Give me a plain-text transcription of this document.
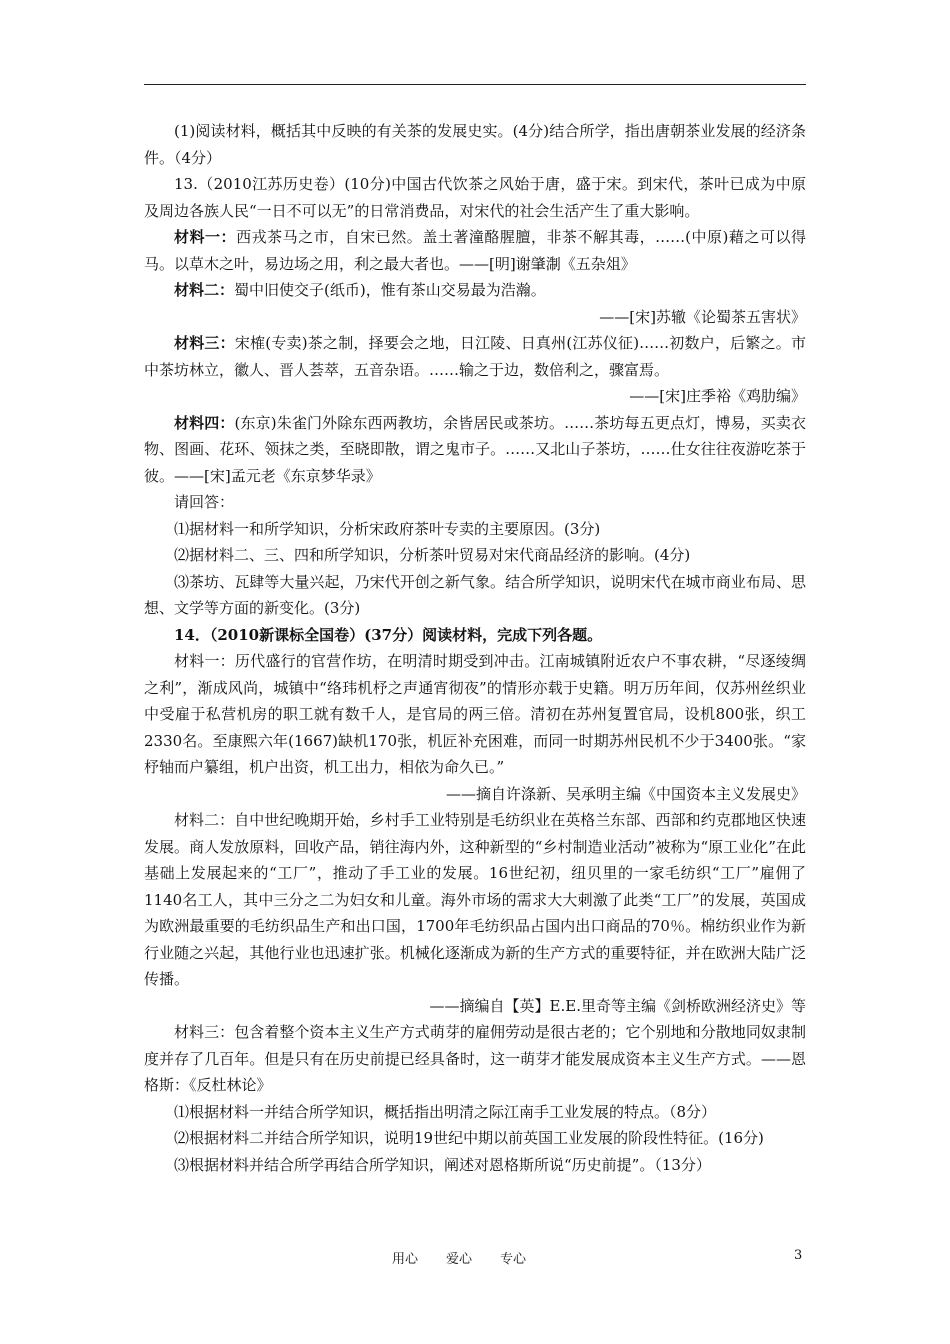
(1)阅读材料，概括其中反映的有关茶的发展史实。(4分)结合所学，指出唐朝茶业发展的经济条件。（4分）

13.（2010江苏历史卷）(10分)中国古代饮茶之风始于唐，盛于宋。到宋代，茶叶已成为中原及周边各族人民“一日不可以无”的日常消费品，对宋代的社会生活产生了重大影响。

材料一：西戎茶马之市，自宋已然。盖土著潼酪腥膻，非茶不解其毒，……(中原)藉之可以得马。以草木之叶，易边场之用，利之最大者也。——[明]谢肇淛《五杂俎》

材料二：蜀中旧使交子(纸币)，惟有茶山交易最为浩瀚。

——[宋]苏辙《论蜀茶五害状》

材料三：宋榷(专卖)茶之制，择要会之地，日江陵、日真州(江苏仪征)……初数户，后繁之。市中茶坊林立，徽人、晋人荟萃，五音杂语。……输之于边，数倍利之，骤富焉。

——[宋]庄季裕《鸡肋编》

材料四：(东京)朱雀门外除东西两教坊，余皆居民或茶坊。……茶坊每五更点灯，博易，买卖衣物、图画、花环、领抹之类，至晓即散，谓之鬼市子。……又北山子茶坊，……仕女往往夜游吃茶于彼。——[宋]孟元老《东京梦华录》

请回答：

⑴据材料一和所学知识，分析宋政府茶叶专卖的主要原因。(3分)

⑵据材料二、三、四和所学知识，分析茶叶贸易对宋代商品经济的影响。(4分)

⑶茶坊、瓦肆等大量兴起，乃宋代开创之新气象。结合所学知识，说明宋代在城市商业布局、思想、文学等方面的新变化。(3分)

14．（2010新课标全国卷）(37分）阅读材料，完成下列各题。

材料一：历代盛行的官营作坊，在明清时期受到冲击。江南城镇附近农户不事农耕，“尽逐绫绸之利”，渐成风尚，城镇中“络玮机杼之声通宵彻夜”的情形亦载于史籍。明万历年间，仅苏州丝织业中受雇于私营机房的职工就有数千人，是官局的两三倍。清初在苏州复置官局，设机800张，织工2330名。至康熙六年(1667)缺机170张，机匠补充困难，而同一时期苏州民机不少于3400张。“家杼轴而户纂组，机户出资，机工出力，相依为命久已。”

——摘自许涤新、吴承明主编《中国资本主义发展史》

材料二：自中世纪晚期开始，乡村手工业特别是毛纺织业在英格兰东部、西部和约克郡地区快速发展。商人发放原料，回收产品，销往海内外，这种新型的“乡村制造业活动”被称为“原工业化”在此基础上发展起来的“工厂”，推动了手工业的发展。16世纪初，纽贝里的一家毛纺织“工厂”雇佣了1140名工人，其中三分之二为妇女和儿童。海外市场的需求大大刺激了此类“工厂”的发展，英国成为欧洲最重要的毛纺织品生产和出口国，1700年毛纺织品占国内出口商品的70％。棉纺织业作为新行业随之兴起，其他行业也迅速扩张。机械化逐渐成为新的生产方式的重要特征，并在欧洲大陆广泛传播。

——摘编自【英】E.E.里奇等主编《剑桥欧洲经济史》等

材料三：包含着整个资本主义生产方式萌芽的雇佣劳动是很古老的；它个别地和分散地同奴隶制度并存了几百年。但是只有在历史前提已经具备时，这一萌芽才能发展成资本主义生产方式。——恩格斯：《反杜林论》

⑴根据材料一并结合所学知识，概括指出明清之际江南手工业发展的特点。（8分）

⑵根据材料二并结合所学知识，说明19世纪中期以前英国工业发展的阶段性特征。(16分)

⑶根据材料并结合所学再结合所学知识，阐述对恩格斯所说“历史前提”。（13分）

用心 爱心 专心	3
